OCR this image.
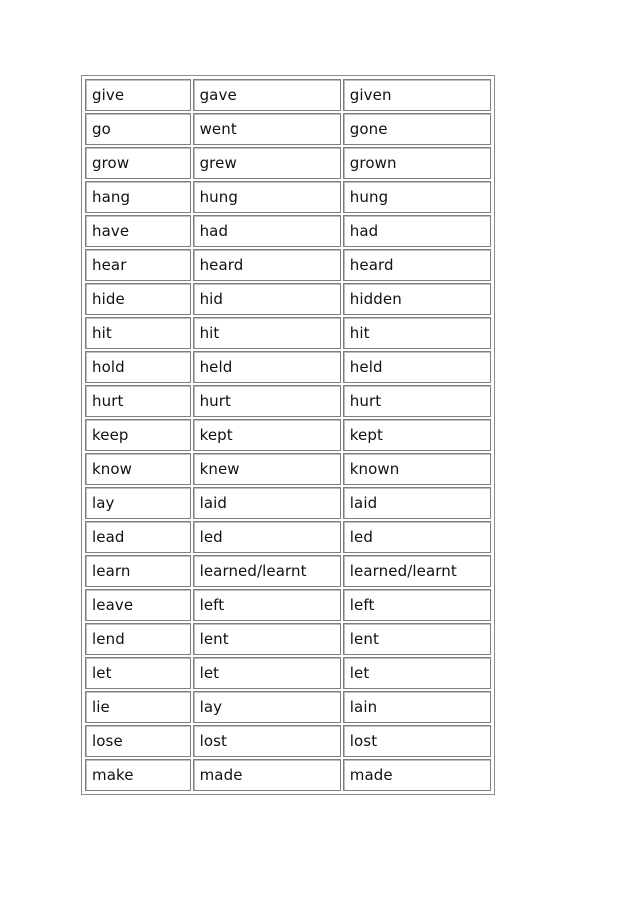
give	gave	given
go	went	gone
grow	grew	grown
hang	hung	hung
have	had	had
hear	heard	heard
hide	hid	hidden
hit	hit	hit
hold	held	held
hurt	hurt	hurt
keep	kept	kept
know	knew	known
lay	laid	laid
lead	led	led
learn	learned/learnt	learned/learnt
leave	left	left
lend	lent	lent
let	let	let
lie	lay	lain
lose	lost	lost
make	made	made
